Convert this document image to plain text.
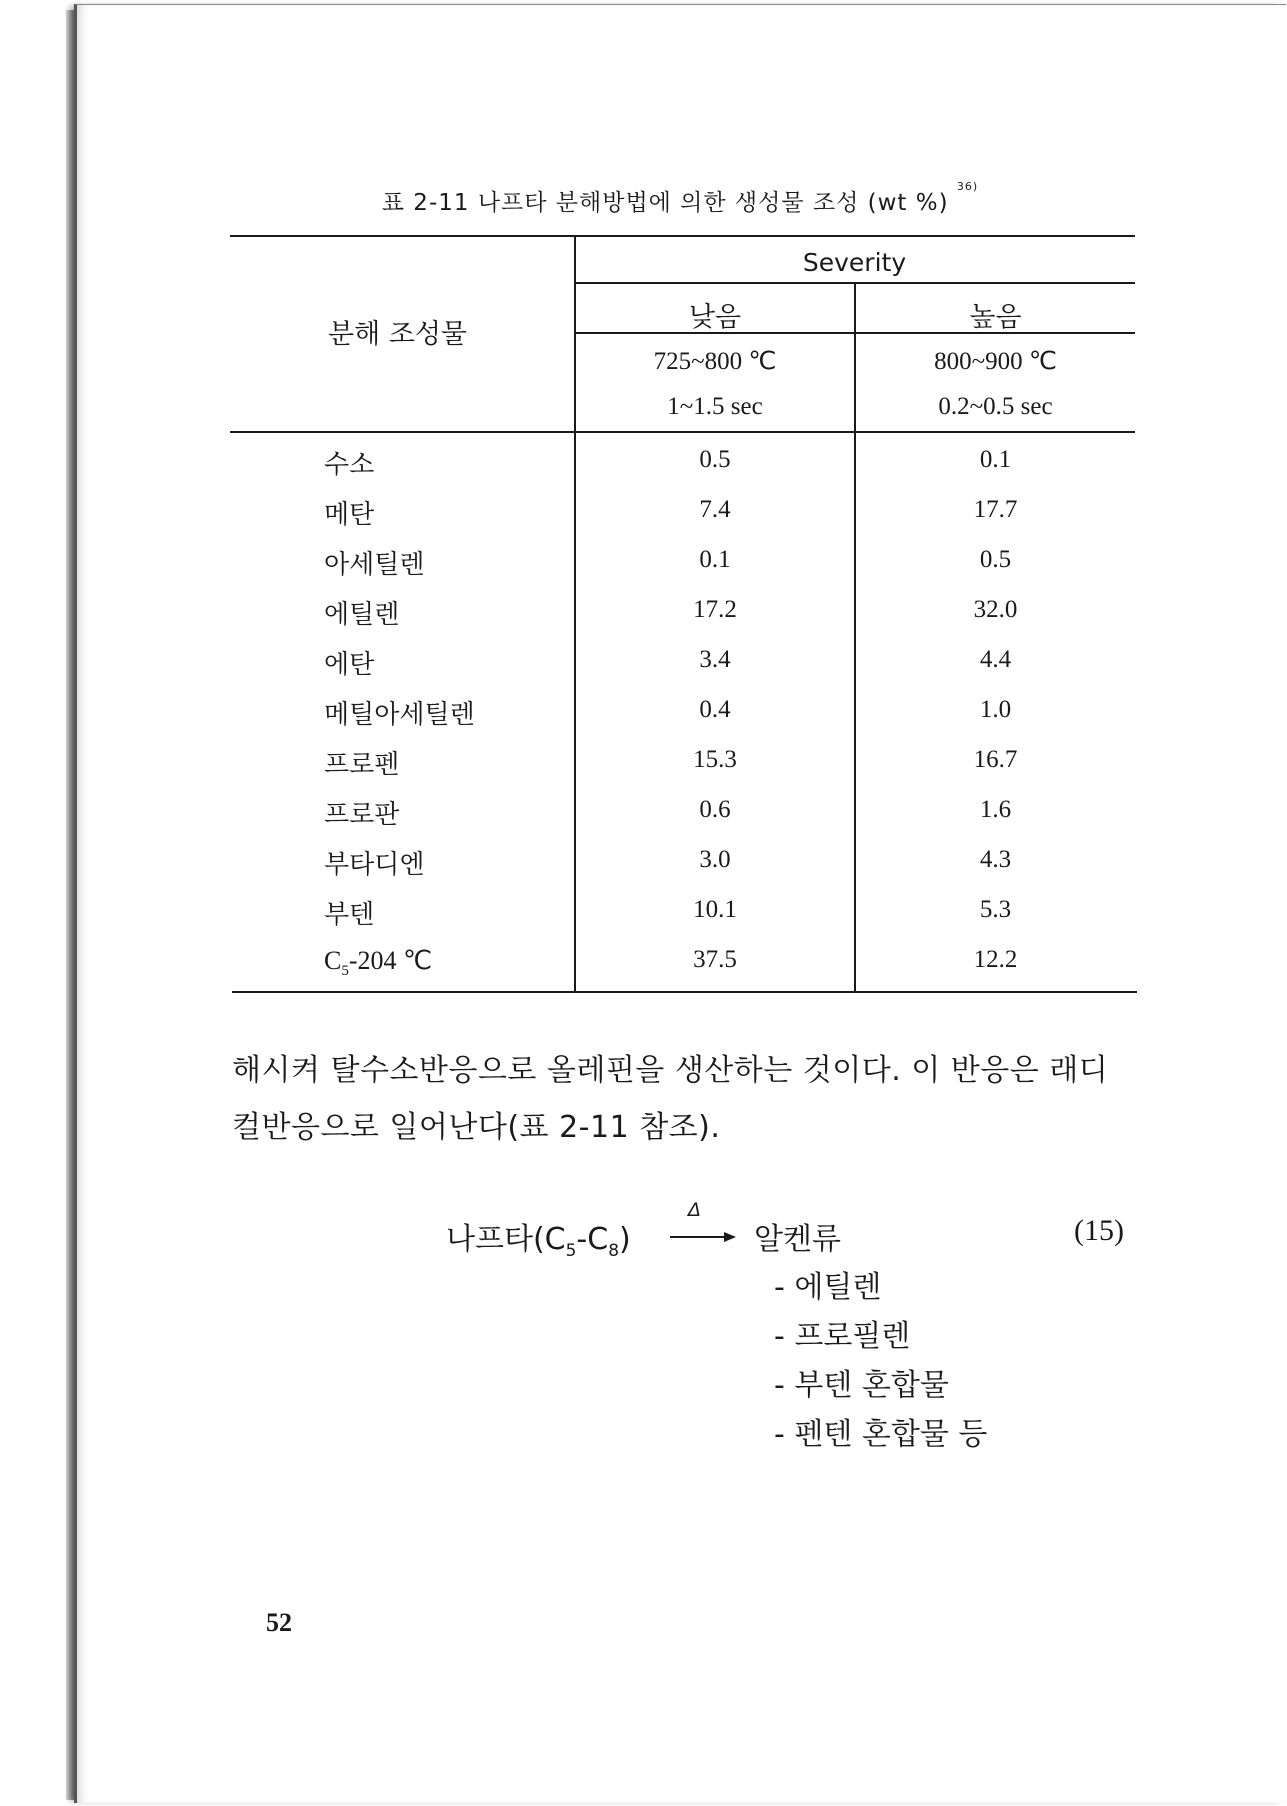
표 2-11 나프타 분해방법에 의한 생성물 조성 (wt %) $^{36)}$
분해 조성물
Severity
낮음	높음
725~800 ℃	800~900 ℃
1~1.5 sec	0.2~0.5 sec
수소	0.5	0.1
메탄	7.4	17.7
아세틸렌	0.1	0.5
에틸렌	17.2	32.0
에탄	3.4	4.4
메틸아세틸렌	0.4	1.0
프로펜	15.3	16.7
프로판	0.6	1.6
부타디엔	3.0	4.3
부텐	10.1	5.3
$C_5-204$ ℃	37.5	12.2
해시켜 탈수소반응으로 올레핀을 생산하는 것이다. 이 반응은 래디
컬반응으로 일어난다(표 2-11 참조).
나프타$(C_5-C_8)$
Δ
알켄류	(15)
- 에틸렌
- 프로필렌
- 부텐 혼합물
- 펜텐 혼합물 등
52
